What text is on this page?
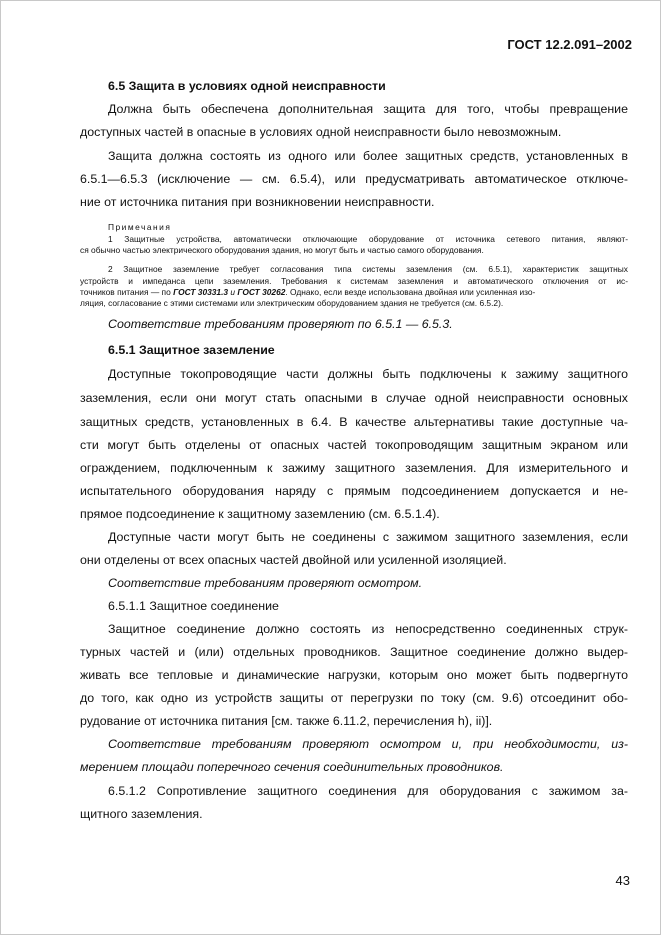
ГОСТ 12.2.091–2002
6.5 Защита в условиях одной неисправности
Должна быть обеспечена дополнительная защита для того, чтобы превращение
доступных частей в опасные в условиях одной неисправности было невозможным.
Защита должна состоять из одного или более защитных средств, установленных в
6.5.1—6.5.3 (исключение — см. 6.5.4), или предусматривать автоматическое отключе-
ние от источника питания при возникновении неисправности.
Примечания
1 Защитные устройства, автоматически отключающие оборудование от источника сетевого питания, являют-
ся обычно частью электрического оборудования здания, но могут быть и частью самого оборудования.
2 Защитное заземление требует согласования типа системы заземления (см. 6.5.1), характеристик защитных
устройств и импеданса цепи заземления. Требования к системам заземления и автоматического отключения от ис-
точников питания — по ГОСТ 30331.3 и ГОСТ 30262. Однако, если везде использована двойная или усиленная изо-
ляция, согласование с этими системами или электрическим оборудованием здания не требуется (см. 6.5.2).
Соответствие требованиям проверяют по 6.5.1 — 6.5.3.
6.5.1 Защитное заземление
Доступные токопроводящие части должны быть подключены к зажиму защитного
заземления, если они могут стать опасными в случае одной неисправности основных
защитных средств, установленных в 6.4. В качестве альтернативы такие доступные ча-
сти могут быть отделены от опасных частей токопроводящим защитным экраном или
ограждением, подключенным к зажиму защитного заземления. Для измерительного и
испытательного оборудования наряду с прямым подсоединением допускается и не-
прямое подсоединение к защитному заземлению (см. 6.5.1.4).
Доступные части могут быть не соединены с зажимом защитного заземления, если
они отделены от всех опасных частей двойной или усиленной изоляцией.
Соответствие требованиям проверяют осмотром.
6.5.1.1 Защитное соединение
Защитное соединение должно состоять из непосредственно соединенных струк-
турных частей и (или) отдельных проводников. Защитное соединение должно выдер-
живать все тепловые и динамические нагрузки, которым оно может быть подвергнуто
до того, как одно из устройств защиты от перегрузки по току (см. 9.6) отсоединит обо-
рудование от источника питания [см. также 6.11.2, перечисления h), ii)].
Соответствие требованиям проверяют осмотром и, при необходимости, из-
мерением площади поперечного сечения соединительных проводников.
6.5.1.2 Сопротивление защитного соединения для оборудования с зажимом за-
щитного заземления.
43
